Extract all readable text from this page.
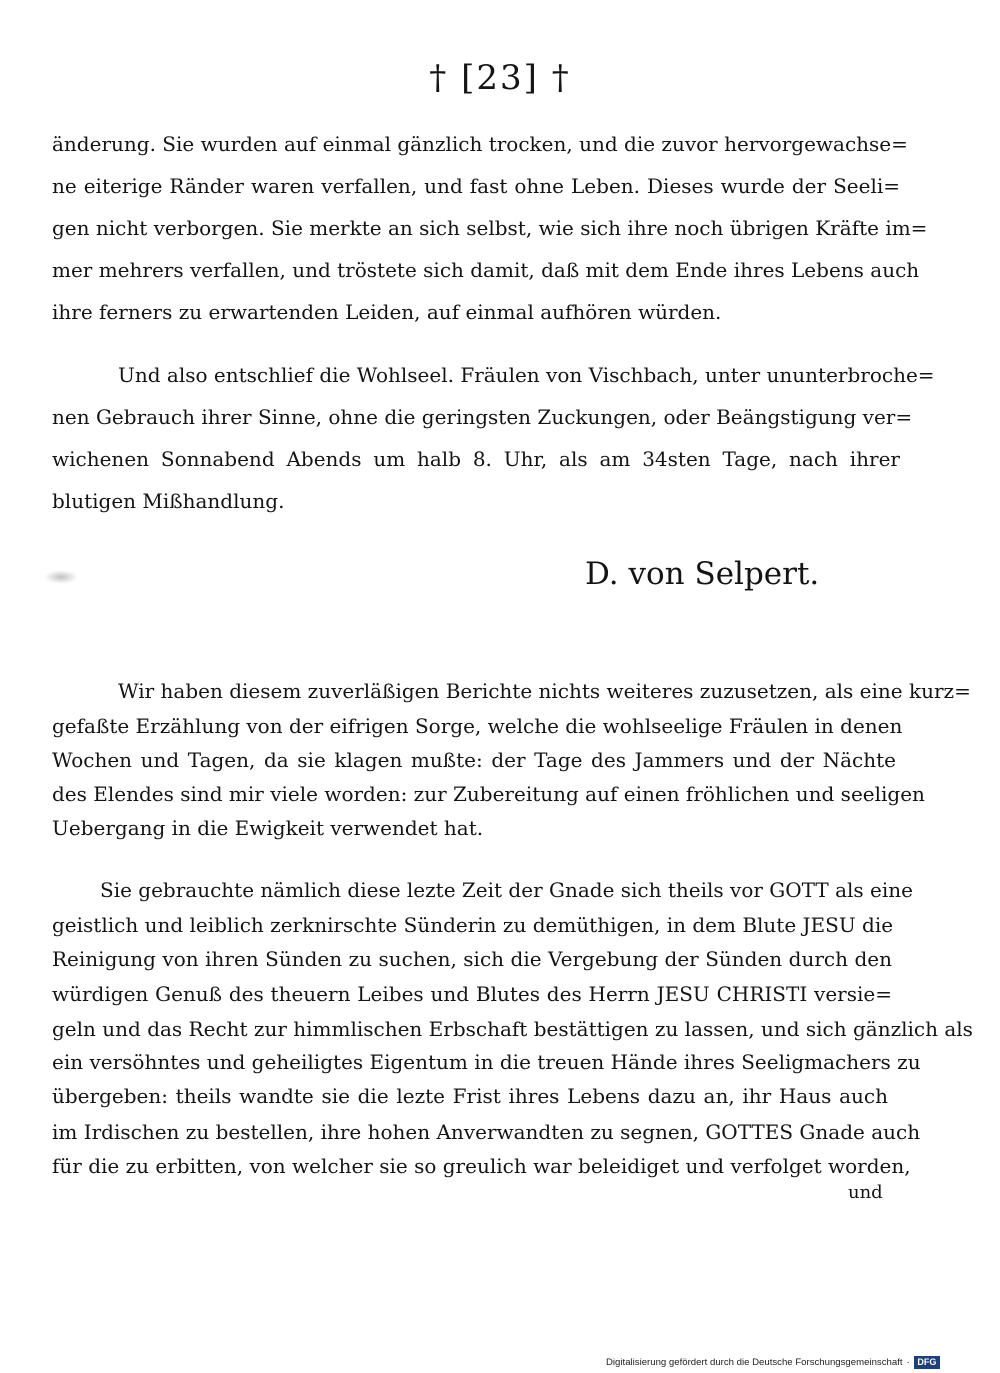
† [23] †
änderung. Sie wurden auf einmal gänzlich trocken, und die zuvor hervorgewachse=
ne eiterige Ränder waren verfallen, und fast ohne Leben. Dieses wurde der Seeli=
gen nicht verborgen. Sie merkte an sich selbst, wie sich ihre noch übrigen Kräfte im=
mer mehrers verfallen, und tröstete sich damit, daß mit dem Ende ihres Lebens auch
ihre ferners zu erwartenden Leiden, auf einmal aufhören würden.
Und also entschlief die Wohlseel. Fräulen von Vischbach, unter ununterbroche=
nen Gebrauch ihrer Sinne, ohne die geringsten Zuckungen, oder Beängstigung ver=
wichenen Sonnabend Abends um halb 8. Uhr, als am 34sten Tage, nach ihrer
blutigen Mißhandlung.
D. von Selpert.
Wir haben diesem zuverläßigen Berichte nichts weiteres zuzusetzen, als eine kurz=
gefaßte Erzählung von der eifrigen Sorge, welche die wohlseelige Fräulen in denen
Wochen und Tagen, da sie klagen mußte: der Tage des Jammers und der Nächte
des Elendes sind mir viele worden: zur Zubereitung auf einen fröhlichen und seeligen
Uebergang in die Ewigkeit verwendet hat.
Sie gebrauchte nämlich diese lezte Zeit der Gnade sich theils vor GOTT als eine
geistlich und leiblich zerknirschte Sünderin zu demüthigen, in dem Blute JESU die
Reinigung von ihren Sünden zu suchen, sich die Vergebung der Sünden durch den
würdigen Genuß des theuern Leibes und Blutes des Herrn JESU CHRISTI versie=
geln und das Recht zur himmlischen Erbschaft bestättigen zu lassen, und sich gänzlich als
ein versöhntes und geheiligtes Eigentum in die treuen Hände ihres Seeligmachers zu
übergeben: theils wandte sie die lezte Frist ihres Lebens dazu an, ihr Haus auch
im Irdischen zu bestellen, ihre hohen Anverwandten zu segnen, GOTTES Gnade auch
für die zu erbitten, von welcher sie so greulich war beleidiget und verfolget worden,
und
Digitalisierung gefördert durch die Deutsche Forschungsgemeinschaft · DFG
